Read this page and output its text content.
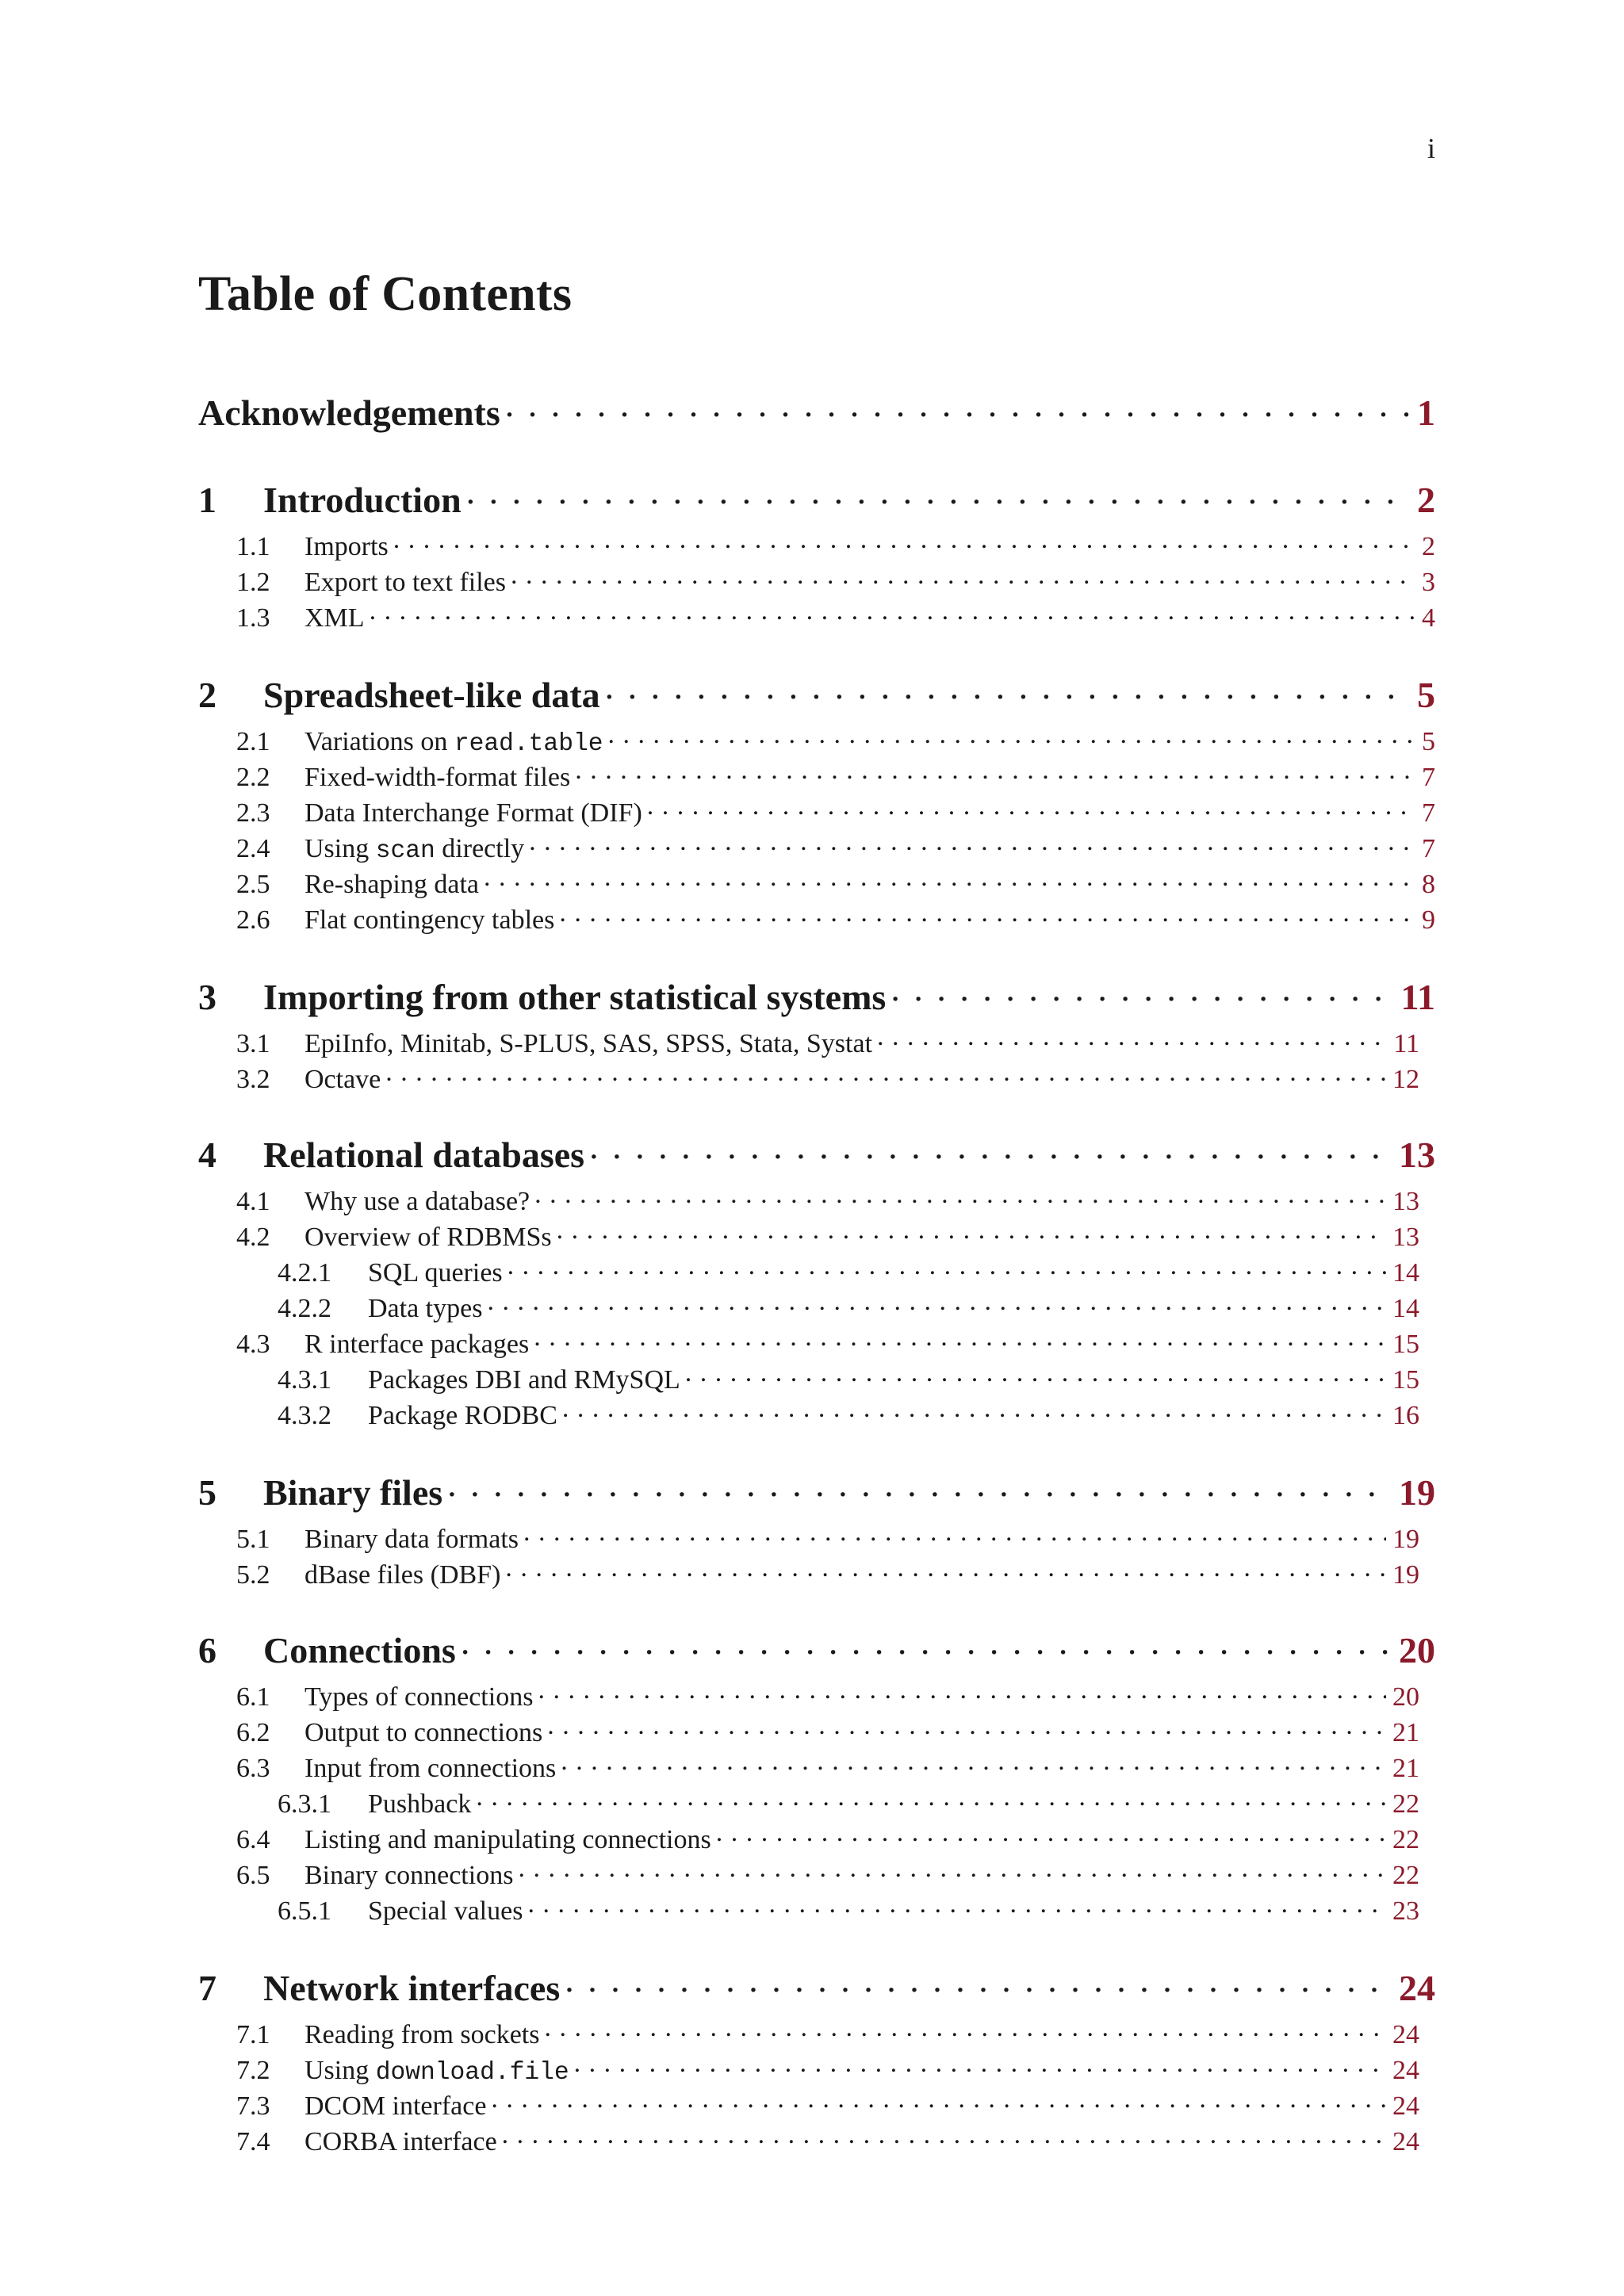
i
Table of Contents
Acknowledgements . . .	1
1	Introduction . . .	2
1.1	Imports . . .	2
1.2	Export to text files . . .	3
1.3	XML . . .	4
2	Spreadsheet-like data . . .	5
2.1	Variations on read.table . . .	5
2.2	Fixed-width-format files . . .	7
2.3	Data Interchange Format (DIF) . . .	7
2.4	Using scan directly . . .	7
2.5	Re-shaping data . . .	8
2.6	Flat contingency tables . . .	9
3	Importing from other statistical systems . . .	11
3.1	EpiInfo, Minitab, S-PLUS, SAS, SPSS, Stata, Systat . . .	11
3.2	Octave . . .	12
4	Relational databases . . .	13
4.1	Why use a database? . . .	13
4.2	Overview of RDBMSs . . .	13
4.2.1	SQL queries . . .	14
4.2.2	Data types . . .	14
4.3	R interface packages . . .	15
4.3.1	Packages DBI and RMySQL . . .	15
4.3.2	Package RODBC . . .	16
5	Binary files . . .	19
5.1	Binary data formats . . .	19
5.2	dBase files (DBF) . . .	19
6	Connections . . .	20
6.1	Types of connections . . .	20
6.2	Output to connections . . .	21
6.3	Input from connections . . .	21
6.3.1	Pushback . . .	22
6.4	Listing and manipulating connections . . .	22
6.5	Binary connections . . .	22
6.5.1	Special values . . .	23
7	Network interfaces . . .	24
7.1	Reading from sockets . . .	24
7.2	Using download.file . . .	24
7.3	DCOM interface . . .	24
7.4	CORBA interface . . .	24
